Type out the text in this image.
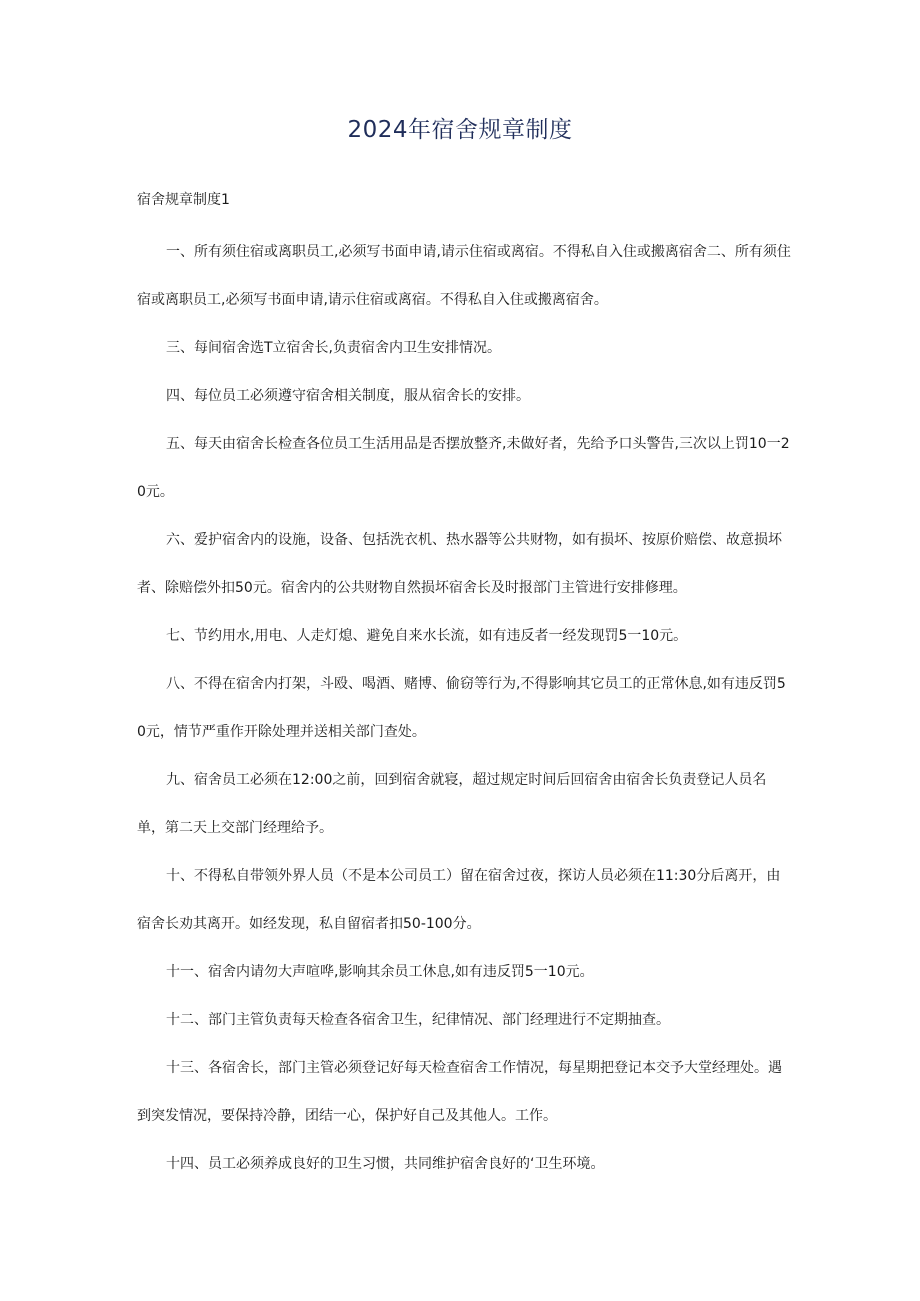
2024年宿舍规章制度
宿舍规章制度1

一、所有须住宿或离职员工,必须写书面申请,请示住宿或离宿。不得私自入住或搬离宿舍二、所有须住宿或离职员工,必须写书面申请,请示住宿或离宿。不得私自入住或搬离宿舍。

三、每间宿舍选T立宿舍长,负责宿舍内卫生安排情况。

四、每位员工必须遵守宿舍相关制度，服从宿舍长的安排。

五、每天由宿舍长检查各位员工生活用品是否摆放整齐,未做好者，先给予口头警告,三次以上罚10一20元。

六、爱护宿舍内的设施，设备、包括洗衣机、热水器等公共财物，如有损坏、按原价赔偿、故意损坏者、除赔偿外扣50元。宿舍内的公共财物自然损坏宿舍长及时报部门主管进行安排修理。

七、节约用水,用电、人走灯熄、避免自来水长流，如有违反者一经发现罚5一10元。

八、不得在宿舍内打架，斗殴、喝酒、赌博、偷窃等行为,不得影响其它员工的正常休息,如有违反罚50元，情节严重作开除处理并送相关部门查处。

九、宿舍员工必须在12:00之前，回到宿舍就寝，超过规定时间后回宿舍由宿舍长负责登记人员名单，第二天上交部门经理给予。

十、不得私自带领外界人员（不是本公司员工）留在宿舍过夜，探访人员必须在11:30分后离开，由宿舍长劝其离开。如经发现，私自留宿者扣50-100分。

十一、宿舍内请勿大声喧哗,影响其余员工休息,如有违反罚5一10元。

十二、部门主管负责每天检查各宿舍卫生，纪律情况、部门经理进行不定期抽查。

十三、各宿舍长，部门主管必须登记好每天检查宿舍工作情况，每星期把登记本交予大堂经理处。遇到突发情况，要保持冷静，团结一心，保护好自己及其他人。工作。

十四、员工必须养成良好的卫生习惯，共同维护宿舍良好的‘卫生环境。
